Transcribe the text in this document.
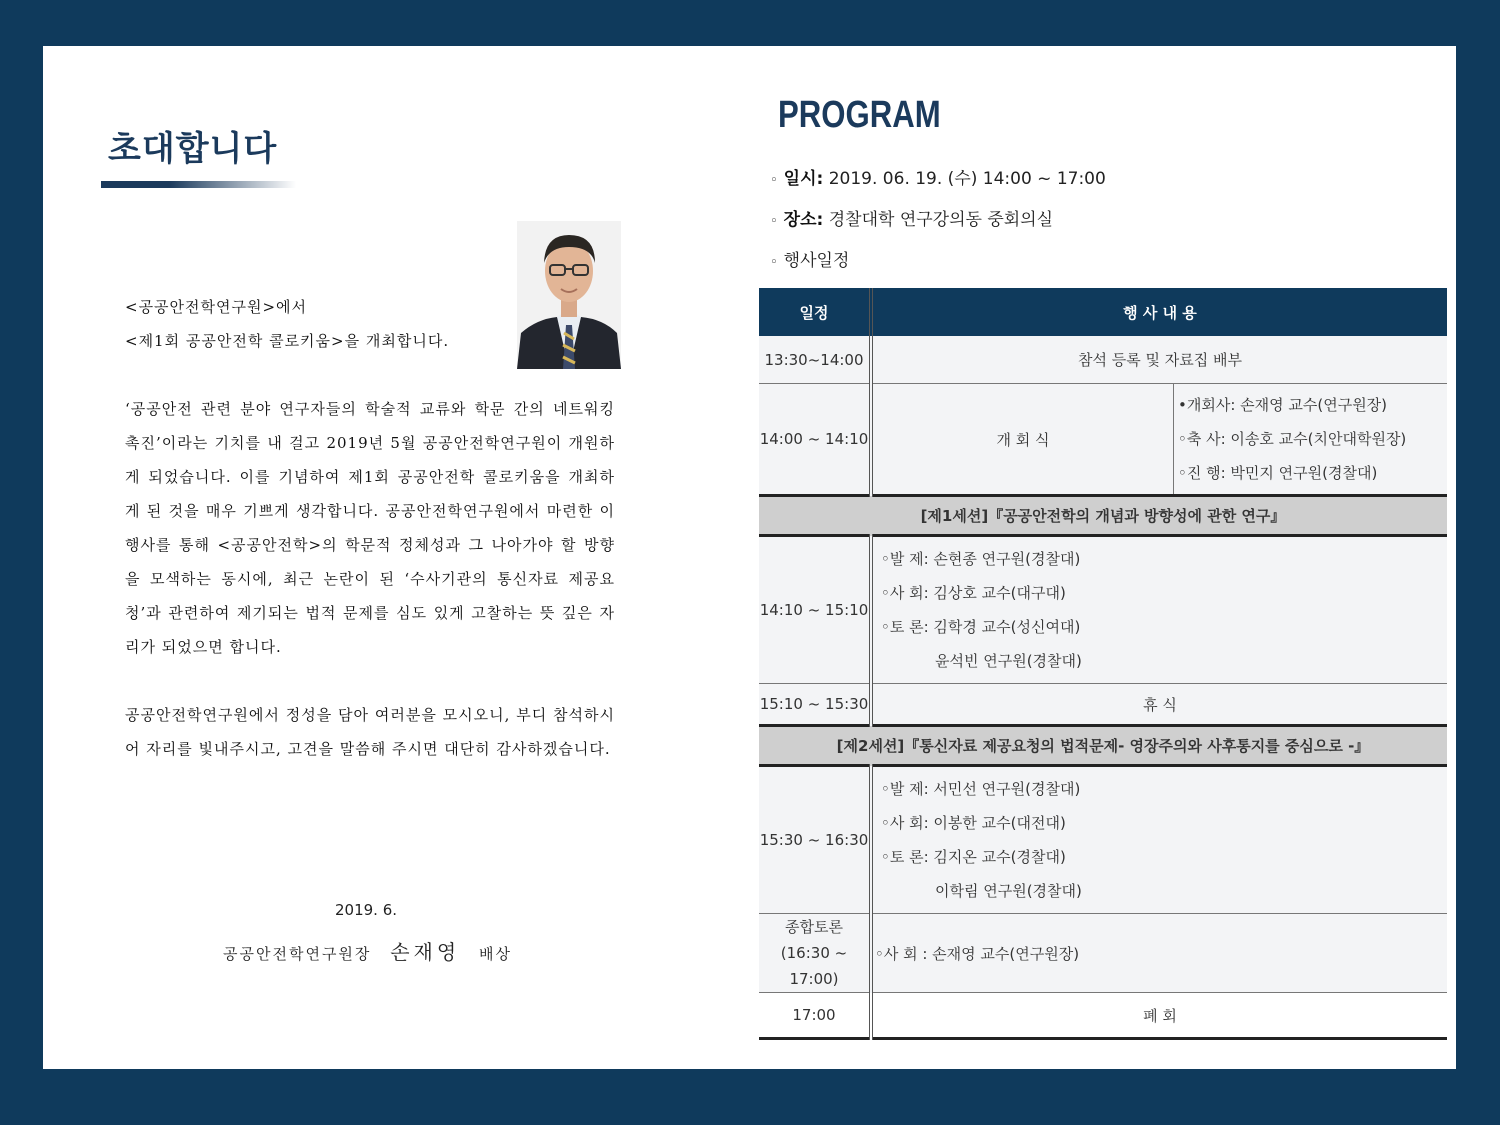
초대합니다

<공공안전학연구원>에서

<제1회 공공안전학 콜로키움>을 개최합니다.

‘공공안전 관련 분야 연구자들의 학술적 교류와 학문 간의 네트워킹 촉진’이라는 기치를 내 걸고 2019년 5월 공공안전학연구원이 개원하게 되었습니다. 이를 기념하여 제1회 공공안전학 콜로키움을 개최하게 된 것을 매우 기쁘게 생각합니다. 공공안전학연구원에서 마련한 이 행사를 통해 <공공안전학>의 학문적 정체성과 그 나아가야 할 방향을 모색하는 동시에, 최근 논란이 된 ‘수사기관의 통신자료 제공요청’과 관련하여 제기되는 법적 문제를 심도 있게 고찰하는 뜻 깊은 자리가 되었으면 합니다.

공공안전학연구원에서 정성을 담아 여러분을 모시오니, 부디 참석하시어 자리를 빛내주시고, 고견을 말씀해 주시면 대단히 감사하겠습니다.

2019. 6.
공공안전학연구원장 손재영 배상
PROGRAM
◦ 일시: 2019. 06. 19. (수) 14:00 ~ 17:00
◦ 장소: 경찰대학 연구강의동 중회의실
◦ 행사일정
일정	행 사 내 용	
13:30~14:00	참석 등록 및 자료집 배부	
14:00 ~ 14:10	개 회 식	•개회사: 손재영 교수(연구원장)
◦축 사: 이송호 교수(치안대학원장)
◦진 행: 박민지 연구원(경찰대)

[제1세션]『공공안전학의 개념과 방향성에 관한 연구』		
14:10 ~ 15:10	◦발 제: 손현종 연구원(경찰대)
◦사 회: 김상호 교수(대구대)
◦토 론: 김학경 교수(성신여대)
윤석빈 연구원(경찰대)	

15:10 ~ 15:30	휴 식	
[제2세션]『통신자료 제공요청의 법적문제- 영장주의와 사후통지를 중심으로 -』		
15:30 ~ 16:30	◦발 제: 서민선 연구원(경찰대)
◦사 회: 이봉한 교수(대전대)
◦토 론: 김지온 교수(경찰대)
이학림 연구원(경찰대)	

종합토론
(16:30 ~ 17:00)	◦사 회 : 손재영 교수(연구원장)	
17:00	폐 회	
